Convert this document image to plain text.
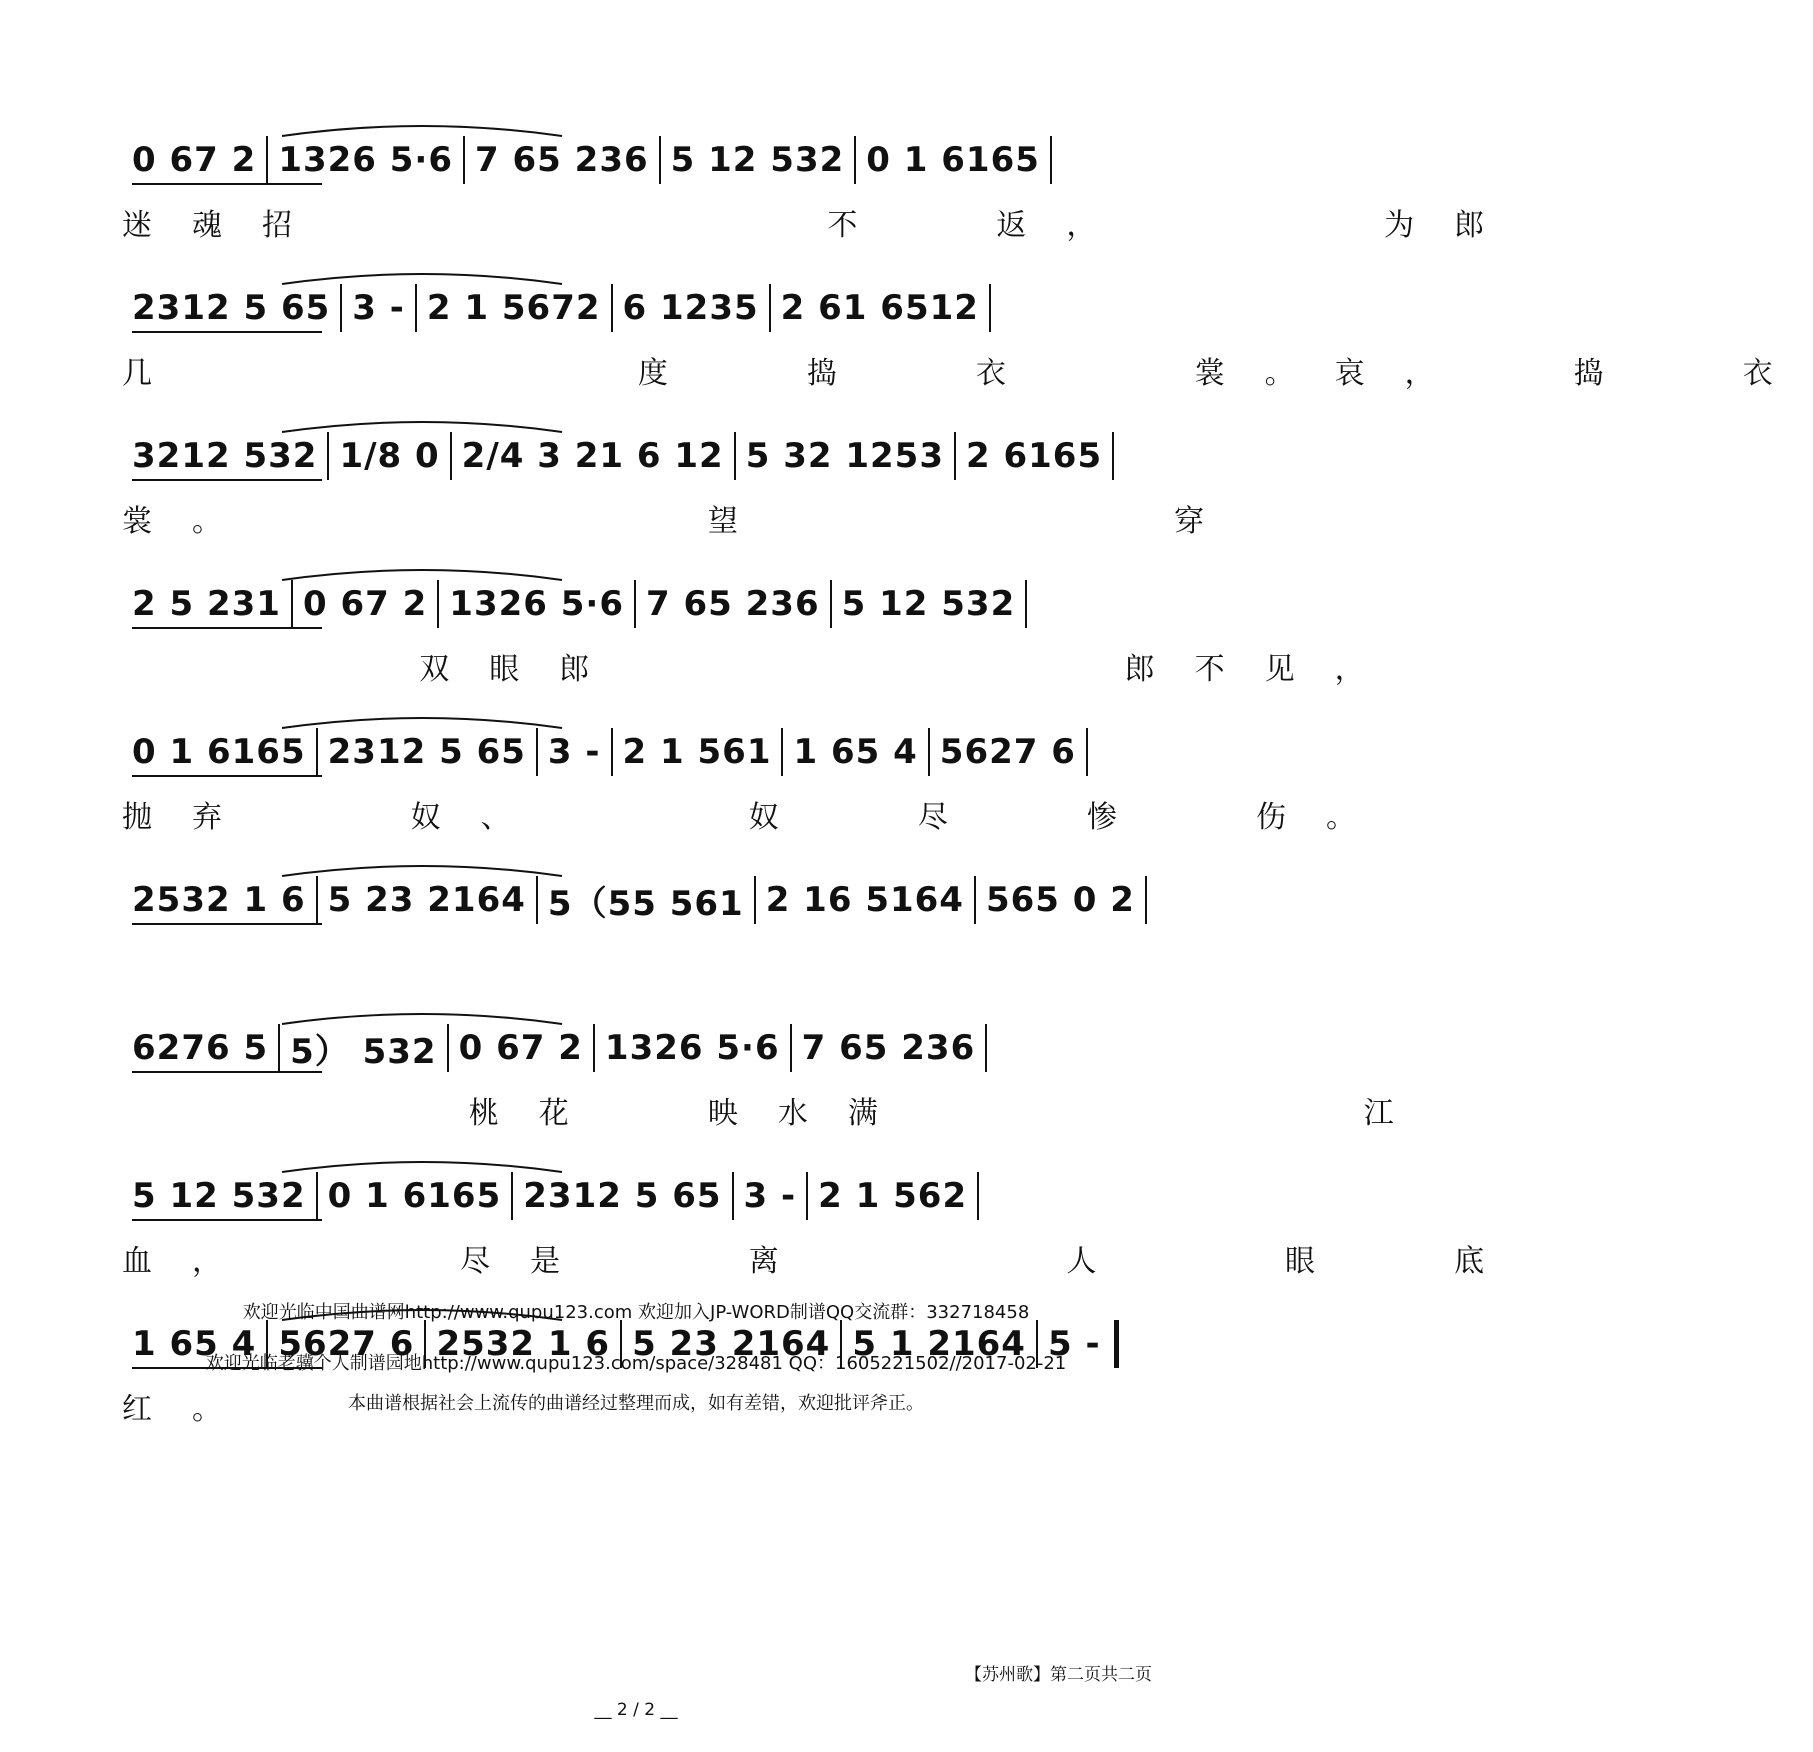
0 67 2 1326 5·6 7 65 236 5 12 532 0 1 6165
迷魂招          不  返，     为郎
2312 5 65 3 - 2 1 5672 6 1235 2 61 6512
几         度  捣  衣   裳。哀，  捣  衣
3212 532 1/8 0 2/4 3 21 6 12 5 32 1253 2 6165
裳。         望        穿
2 5 231 0 67 2 1326 5·6 7 65 236 5 12 532
双眼郎          郎不见，
0 1 6165 2312 5 65 3 - 2 1 561 1 65 4 5627 6
抛弃   奴、    奴  尽  惨  伤。
2532 1 6 5 23 2164 5（55 561 2 16 5164 565 0 2
6276 5 5） 532 0 67 2 1326 5·6 7 65 236
桃花  映水满         江
5 12 532 0 1 6165 2312 5 65 3 - 2 1 562
血，    尽是   离     人   眼  底
1 65 4 5627 6 2532 1 6 5 23 2164 5 1 2164 5 -
红。
欢迎光临中国曲谱网http://www.qupu123.com 欢迎加入JP-WORD制谱QQ交流群：332718458
欢迎光临老骥个人制谱园地http://www.qupu123.com/space/328481 QQ：1605221502//2017-02-21
本曲谱根据社会上流传的曲谱经过整理而成，如有差错，欢迎批评斧正。
【苏州歌】第二页共二页
__ 2 / 2 __
